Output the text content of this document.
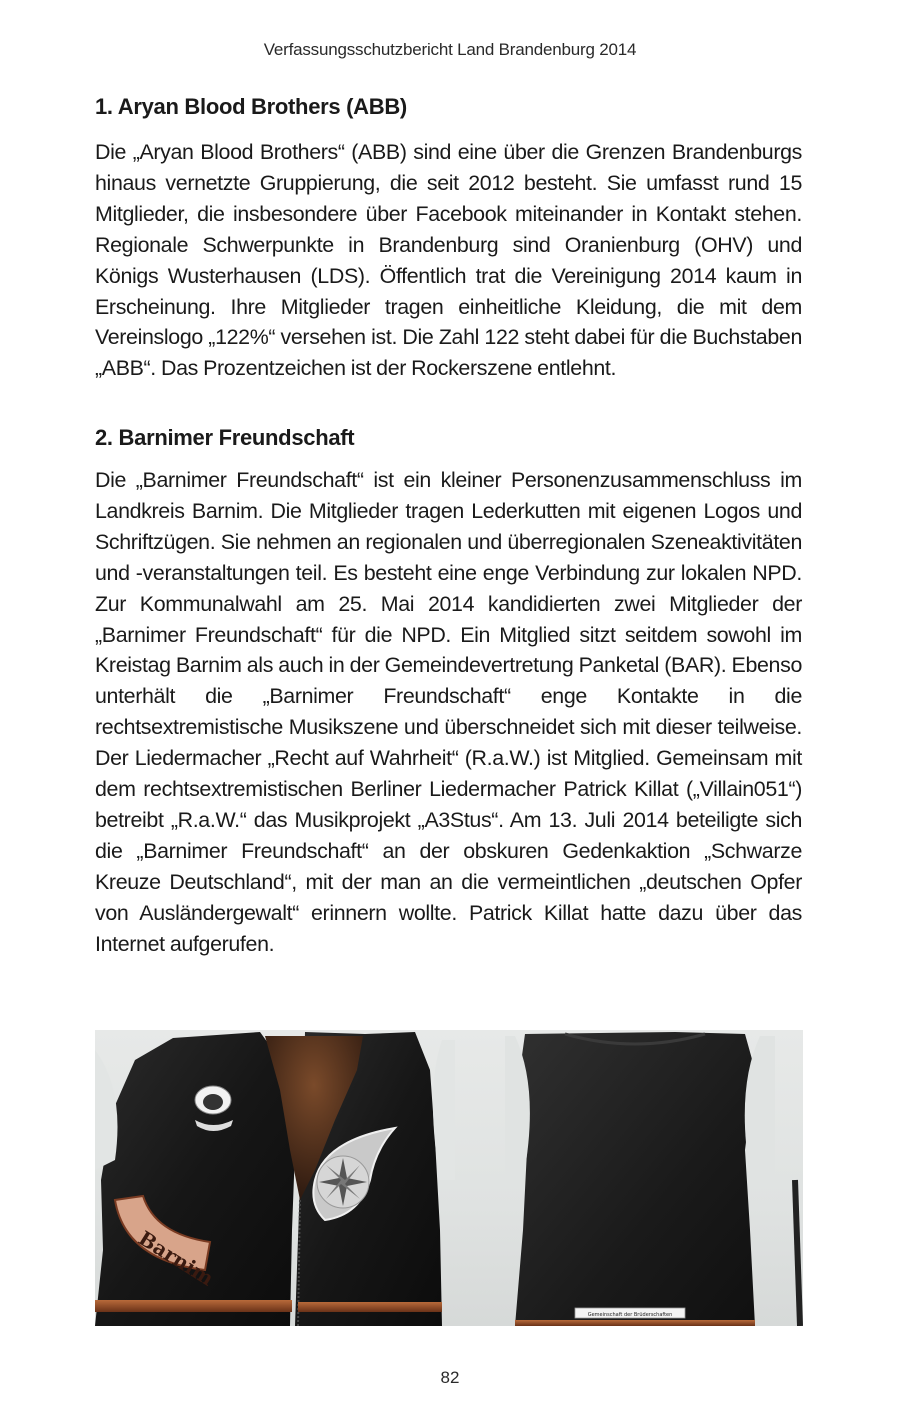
Verfassungsschutzbericht Land Brandenburg 2014
1. Aryan Blood Brothers (ABB)

Die „Aryan Blood Brothers“ (ABB) sind eine über die Grenzen Brandenburgs hinaus vernetzte Gruppierung, die seit 2012 besteht. Sie umfasst rund 15 Mitglieder, die insbesondere über Facebook miteinander in Kontakt stehen. Regionale Schwerpunkte in Brandenburg sind Oranienburg (OHV) und Königs Wusterhausen (LDS). Öffentlich trat die Vereinigung 2014 kaum in Erscheinung. Ihre Mitglieder tragen einheitliche Kleidung, die mit dem Vereinslogo „122%“ versehen ist. Die Zahl 122 steht dabei für die Buchstaben „ABB“. Das Prozentzeichen ist der Rockerszene entlehnt.

2. Barnimer Freundschaft

Die „Barnimer Freundschaft“ ist ein kleiner Personenzusammenschluss im Landkreis Barnim. Die Mitglieder tragen Lederkutten mit eigenen Logos und Schriftzügen. Sie nehmen an regionalen und überregionalen Szeneaktivitäten und -veranstaltungen teil. Es besteht eine enge Verbindung zur lokalen NPD. Zur Kommunalwahl am 25. Mai 2014 kandidierten zwei Mitglieder der „Barnimer Freundschaft“ für die NPD. Ein Mitglied sitzt seitdem sowohl im Kreistag Barnim als auch in der Gemeindevertretung Panketal (BAR). Ebenso unterhält die „Barnimer Freundschaft“ enge Kontakte in die rechtsextremistische Musikszene und überschneidet sich mit dieser teilweise. Der Liedermacher „Recht auf Wahrheit“ (R.a.W.) ist Mitglied. Gemeinsam mit dem rechtsextremistischen Berliner Liedermacher Patrick Killat („Villain051“) betreibt „R.a.W.“ das Musikprojekt „A3Stus“. Am 13. Juli 2014 beteiligte sich die „Barnimer Freundschaft“ an der obskuren Gedenkaktion „Schwarze Kreuze Deutschland“, mit der man an die vermeintlichen „deutschen Opfer von Ausländergewalt“ erinnern wollte. Patrick Killat hatte dazu über das Internet aufgerufen.

Barnim
Gemeinschaft der Brüderschaften
82
